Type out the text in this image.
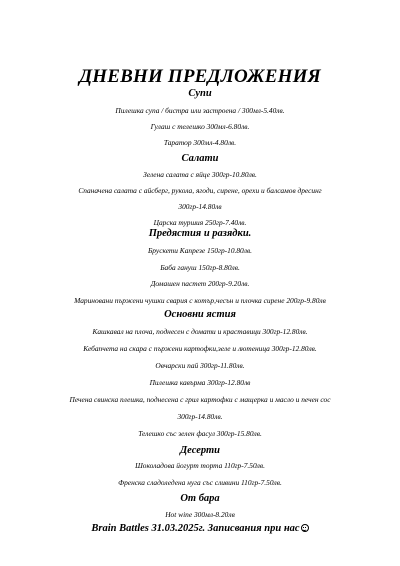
ДНЕВНИ ПРЕДЛОЖЕНИЯ
Супи
Пилешка супа / бистра или застроена / 300мл-5.40лв.
Гулаш с телешко 300мл-6.80лв.
Таратор 300мл-4.80лв.
Салати
Зелена салата с яйце 300гр-10.80лв.
Спаначена салата с айсберг, рукола, ягоди, сирене, орехи и балсамов дресинг
300гр-14.80лв
Царска туршия 250гр-7.40лв.
Предястия и разядки.
Брускети Капрезе 150гр-10.80лв.
Баба гануш 150гр-8.80лв.
Домашен пастет 200гр-9.20лв.
Мариновани пържени чушки свария с котър,чесън и плочка сирене 200гр-9.80лв
Основни ястия
Кашкавал на плоча, поднесен с домати и краставици 300гр-12.80лв.
Кебапчета на скара с пържени картофки,зеле и лютеница 300гр-12.80лв.
Овчарски пай 300гр-11.80лв.
Пилешка кавърма 300гр-12.80лв
Печена свинска плешка, поднесена с грил картофки с мащерка и масло и печен сос
300гр-14.80лв.
Телешко със зелен фасул 300гр-15.80лв.
Десерти
Шоколадова йогурт торта 110гр-7.50лв.
Френска сладоледена нуга със сливини 110гр-7.50лв.
От бара
Brain Battles 31.03.2025г. Записвания при нас
Hot wine 300мл-8.20лв
